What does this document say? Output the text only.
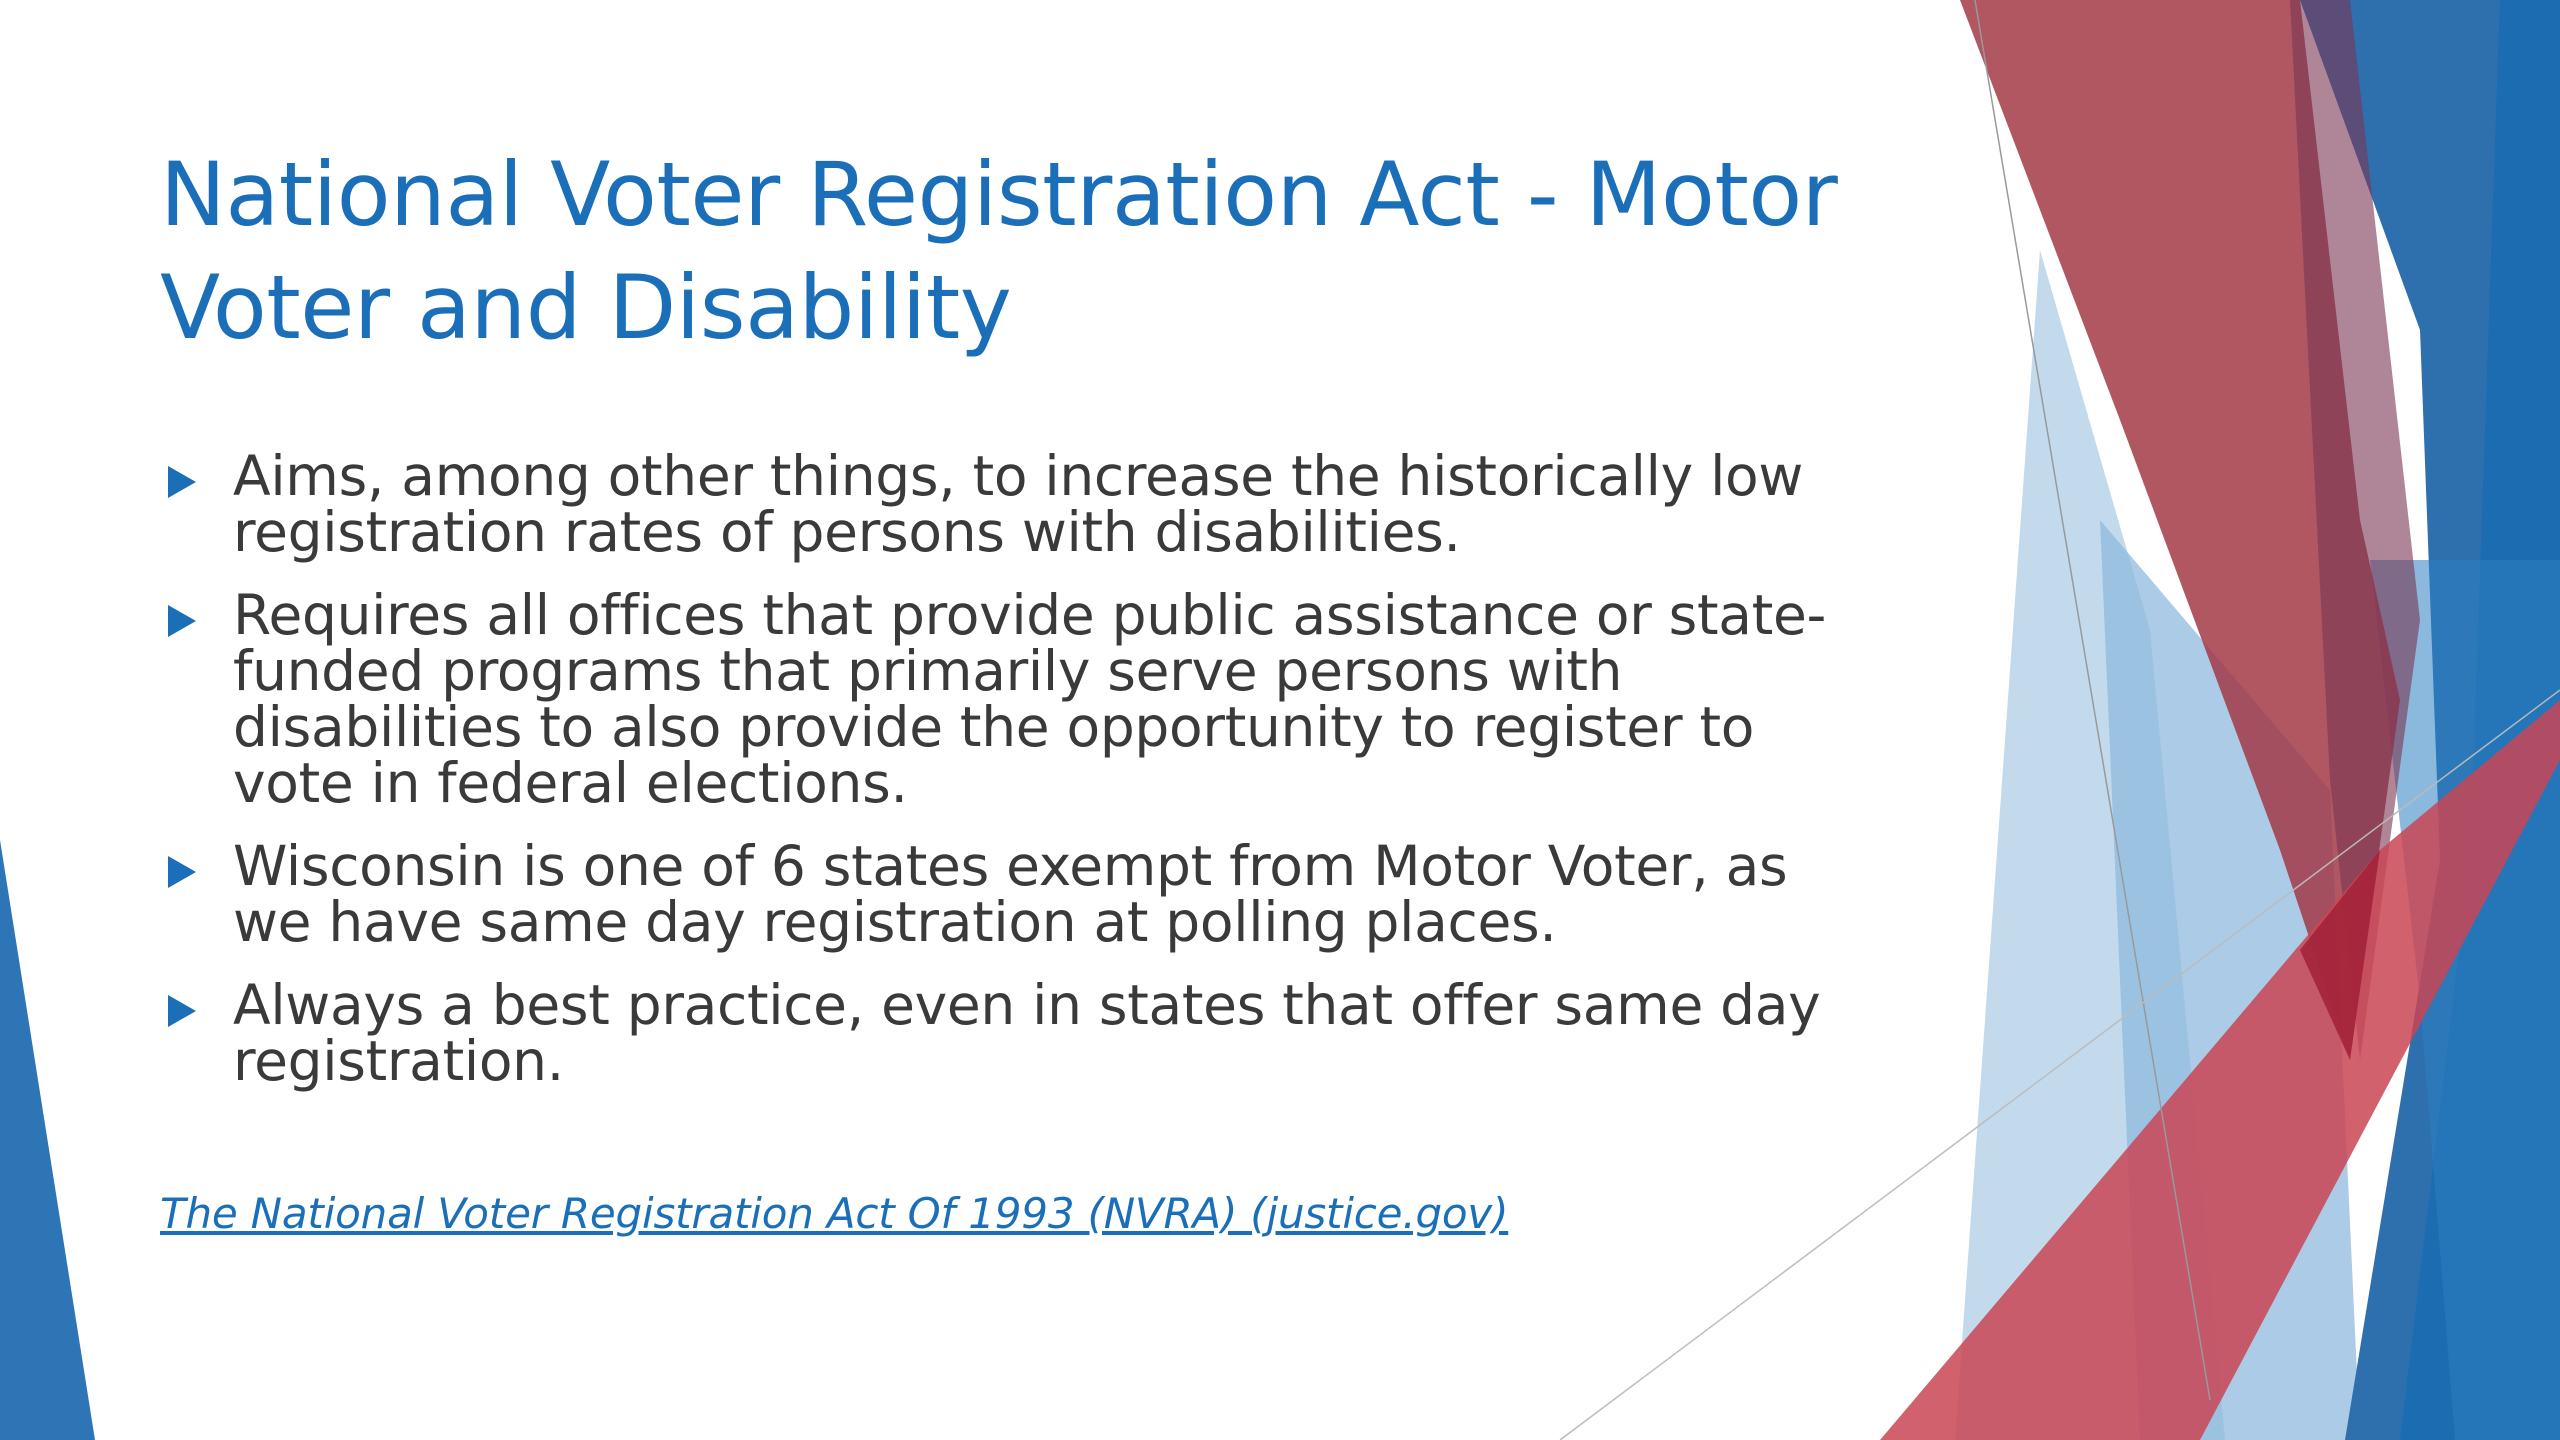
National Voter Registration Act - Motor Voter and Disability
Aims, among other things, to increase the historically low registration rates of persons with disabilities.
Requires all offices that provide public assistance or state-funded programs that primarily serve persons with disabilities to also provide the opportunity to register to vote in federal elections.
Wisconsin is one of 6 states exempt from Motor Voter, as we have same day registration at polling places.
Always a best practice, even in states that offer same day registration.
The National Voter Registration Act Of 1993 (NVRA) (justice.gov)
